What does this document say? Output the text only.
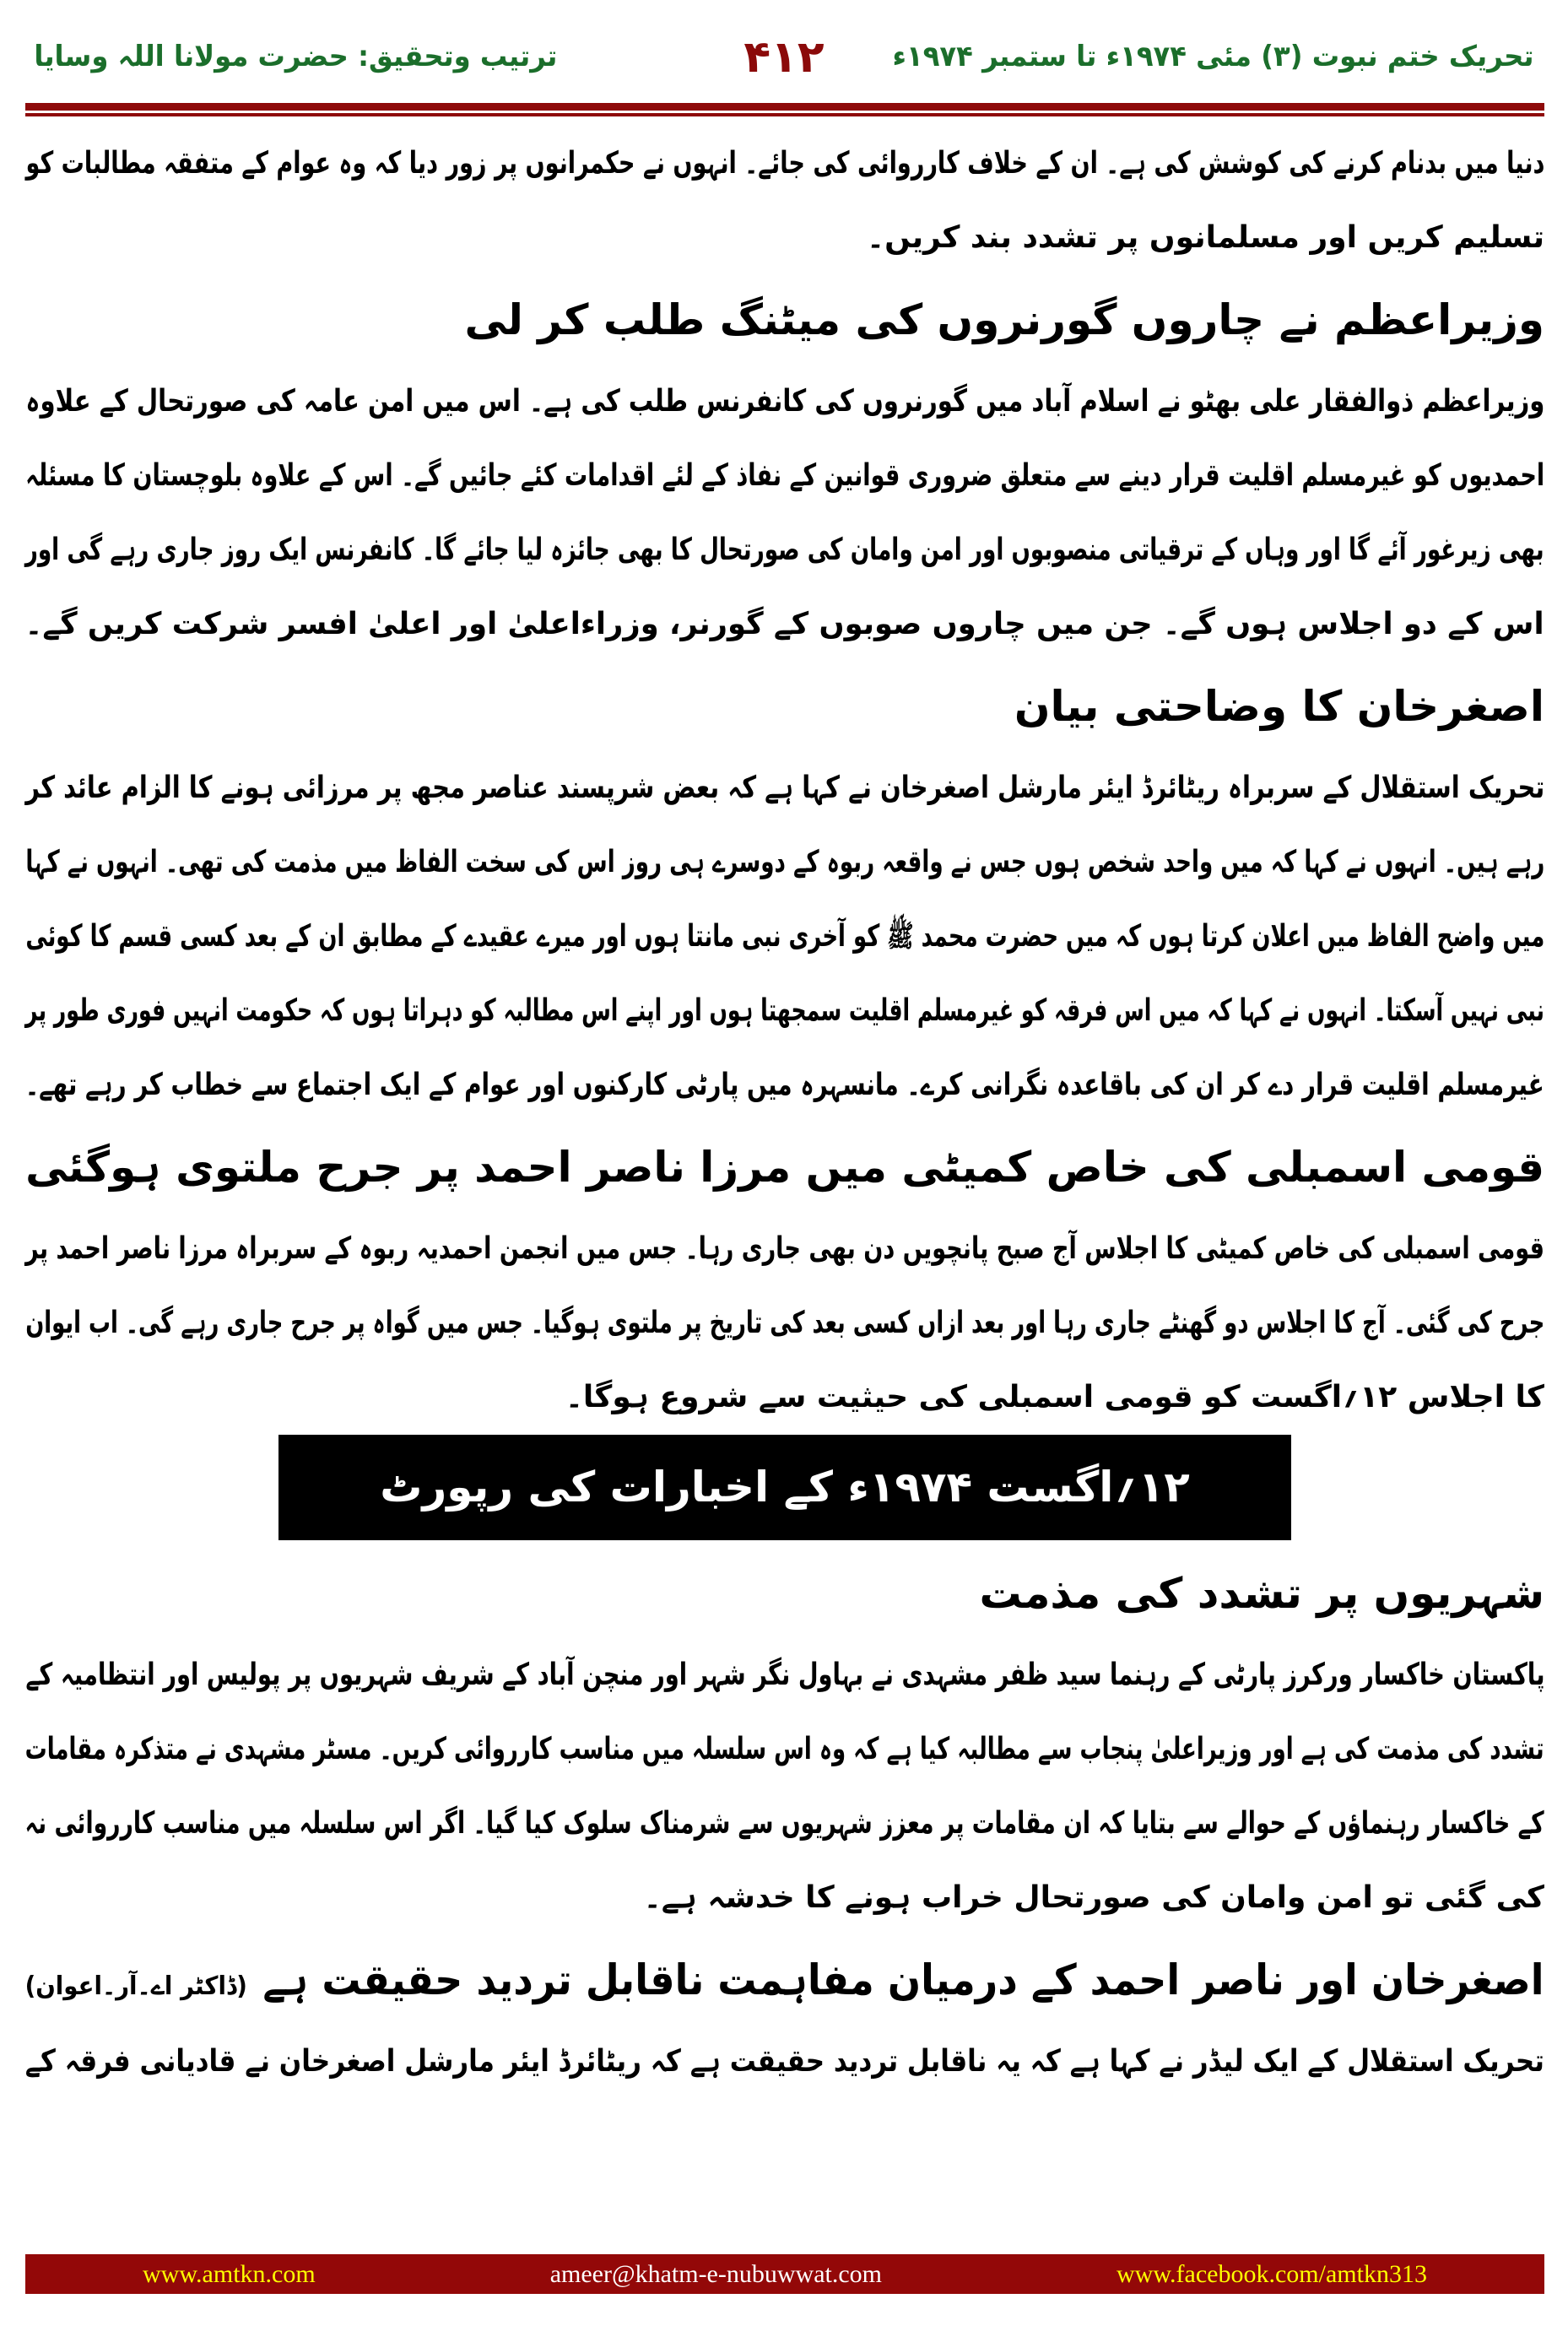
تحریک ختم نبوت (۳) مئی ۱۹۷۴ء تا ستمبر ۱۹۷۴ء
۴۱۲
ترتیب وتحقیق: حضرت مولانا اللہ وسایا
دنیا میں بدنام کرنے کی کوشش کی ہے۔ ان کے خلاف کارروائی کی جائے۔ انہوں نے حکمرانوں پر زور دیا کہ وہ عوام کے متفقہ مطالبات کو
تسلیم کریں اور مسلمانوں پر تشدد بند کریں۔
وزیراعظم نے چاروں گورنروں کی میٹنگ طلب کر لی
وزیراعظم ذوالفقار علی بھٹو نے اسلام آباد میں گورنروں کی کانفرنس طلب کی ہے۔ اس میں امن عامہ کی صورتحال کے علاوہ
احمدیوں کو غیرمسلم اقلیت قرار دینے سے متعلق ضروری قوانین کے نفاذ کے لئے اقدامات کئے جائیں گے۔ اس کے علاوہ بلوچستان کا مسئلہ
بھی زیرغور آئے گا اور وہاں کے ترقیاتی منصوبوں اور امن وامان کی صورتحال کا بھی جائزہ لیا جائے گا۔ کانفرنس ایک روز جاری رہے گی اور
اس کے دو اجلاس ہوں گے۔ جن میں چاروں صوبوں کے گورنر، وزراءاعلیٰ اور اعلیٰ افسر شرکت کریں گے۔
اصغرخان کا وضاحتی بیان
تحریک استقلال کے سربراہ ریٹائرڈ ایئر مارشل اصغرخان نے کہا ہے کہ بعض شرپسند عناصر مجھ پر مرزائی ہونے کا الزام عائد کر
رہے ہیں۔ انہوں نے کہا کہ میں واحد شخص ہوں جس نے واقعہ ربوہ کے دوسرے ہی روز اس کی سخت الفاظ میں مذمت کی تھی۔ انہوں نے کہا
میں واضح الفاظ میں اعلان کرتا ہوں کہ میں حضرت محمد ﷺ کو آخری نبی مانتا ہوں اور میرے عقیدے کے مطابق ان کے بعد کسی قسم کا کوئی
نبی نہیں آسکتا۔ انہوں نے کہا کہ میں اس فرقہ کو غیرمسلم اقلیت سمجھتا ہوں اور اپنے اس مطالبہ کو دہراتا ہوں کہ حکومت انہیں فوری طور پر
غیرمسلم اقلیت قرار دے کر ان کی باقاعدہ نگرانی کرے۔ مانسہرہ میں پارٹی کارکنوں اور عوام کے ایک اجتماع سے خطاب کر رہے تھے۔
قومی اسمبلی کی خاص کمیٹی میں مرزا ناصر احمد پر جرح ملتوی ہوگئی
قومی اسمبلی کی خاص کمیٹی کا اجلاس آج صبح پانچویں دن بھی جاری رہا۔ جس میں انجمن احمدیہ ربوہ کے سربراہ مرزا ناصر احمد پر
جرح کی گئی۔ آج کا اجلاس دو گھنٹے جاری رہا اور بعد ازاں کسی بعد کی تاریخ پر ملتوی ہوگیا۔ جس میں گواہ پر جرح جاری رہے گی۔ اب ایوان
کا اجلاس ۱۲؍اگست کو قومی اسمبلی کی حیثیت سے شروع ہوگا۔
۱۲؍اگست ۱۹۷۴ء کے اخبارات کی رپورٹ
شہریوں پر تشدد کی مذمت
پاکستان خاکسار ورکرز پارٹی کے رہنما سید ظفر مشہدی نے بہاول نگر شہر اور منچن آباد کے شریف شہریوں پر پولیس اور انتظامیہ کے
تشدد کی مذمت کی ہے اور وزیراعلیٰ پنجاب سے مطالبہ کیا ہے کہ وہ اس سلسلہ میں مناسب کارروائی کریں۔ مسٹر مشہدی نے متذکرہ مقامات
کے خاکسار رہنماؤں کے حوالے سے بتایا کہ ان مقامات پر معزز شہریوں سے شرمناک سلوک کیا گیا۔ اگر اس سلسلہ میں مناسب کارروائی نہ
کی گئی تو امن وامان کی صورتحال خراب ہونے کا خدشہ ہے۔
اصغرخان اور ناصر احمد کے درمیان مفاہمت ناقابل تردید حقیقت ہے(ڈاکٹر اے۔آر۔اعوان)
تحریک استقلال کے ایک لیڈر نے کہا ہے کہ یہ ناقابل تردید حقیقت ہے کہ ریٹائرڈ ایئر مارشل اصغرخان نے قادیانی فرقہ کے
www.amtkn.com	ameer@khatm-e-nubuwwat.com	www.facebook.com/amtkn313
